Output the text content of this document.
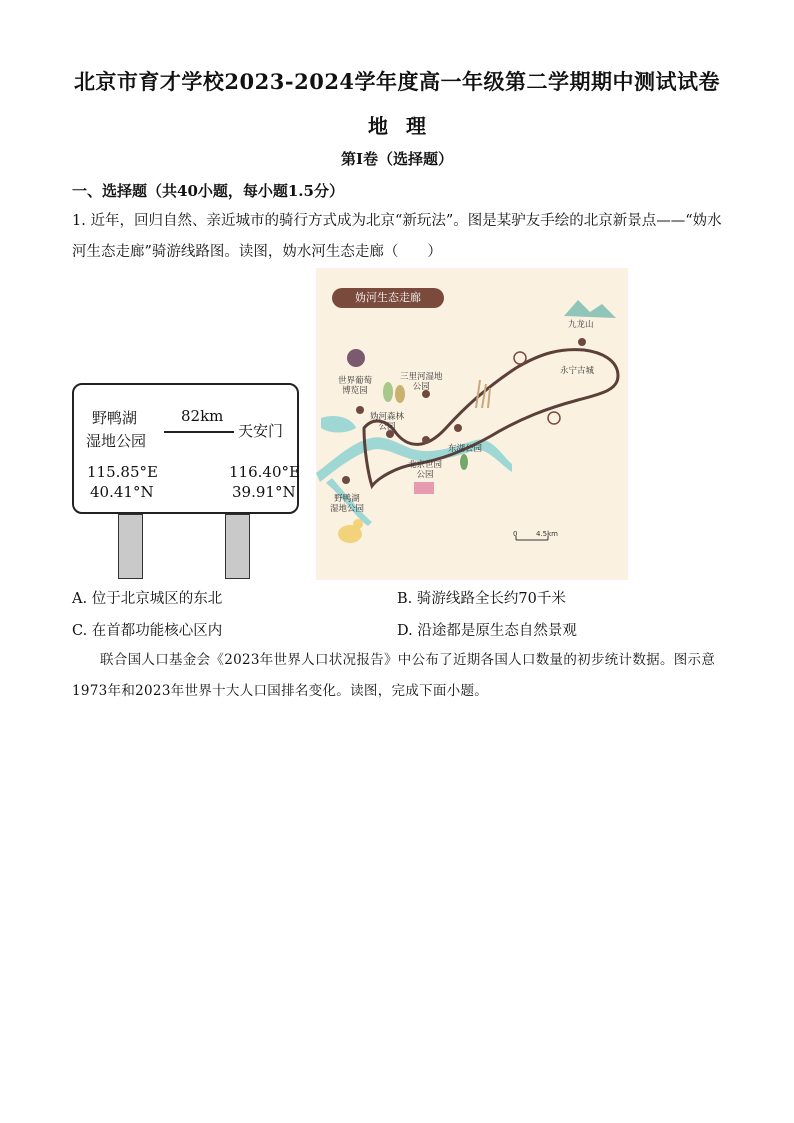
北京市育才学校2023-2024学年度高一年级第二学期期中测试试卷
地理
第Ⅰ卷（选择题）
一、选择题（共40小题，每小题1.5分）
1. 近年，回归自然、亲近城市的骑行方式成为北京“新玩法”。图是某驴友手绘的北京新景点——“妫水
河生态走廊”骑游线路图。读图，妫水河生态走廊（　　）
野鸭湖
湿地公园
82km
天安门
115.85°E
40.41°N
116.40°E
39.91°N
妫河生态走廊
九龙山
永宁古城
世界葡萄
博览园
三里河湿地
公园
妫河森林
公园
东湖公园
北京世园
公园
野鸭湖
湿地公园
0	4.5km
A. 位于北京城区的东北	B. 骑游线路全长约70千米
C. 在首都功能核心区内	D. 沿途都是原生态自然景观
联合国人口基金会《2023年世界人口状况报告》中公布了近期各国人口数量的初步统计数据。图示意1973年和2023年世界十大人口国排名变化。读图，完成下面小题。
